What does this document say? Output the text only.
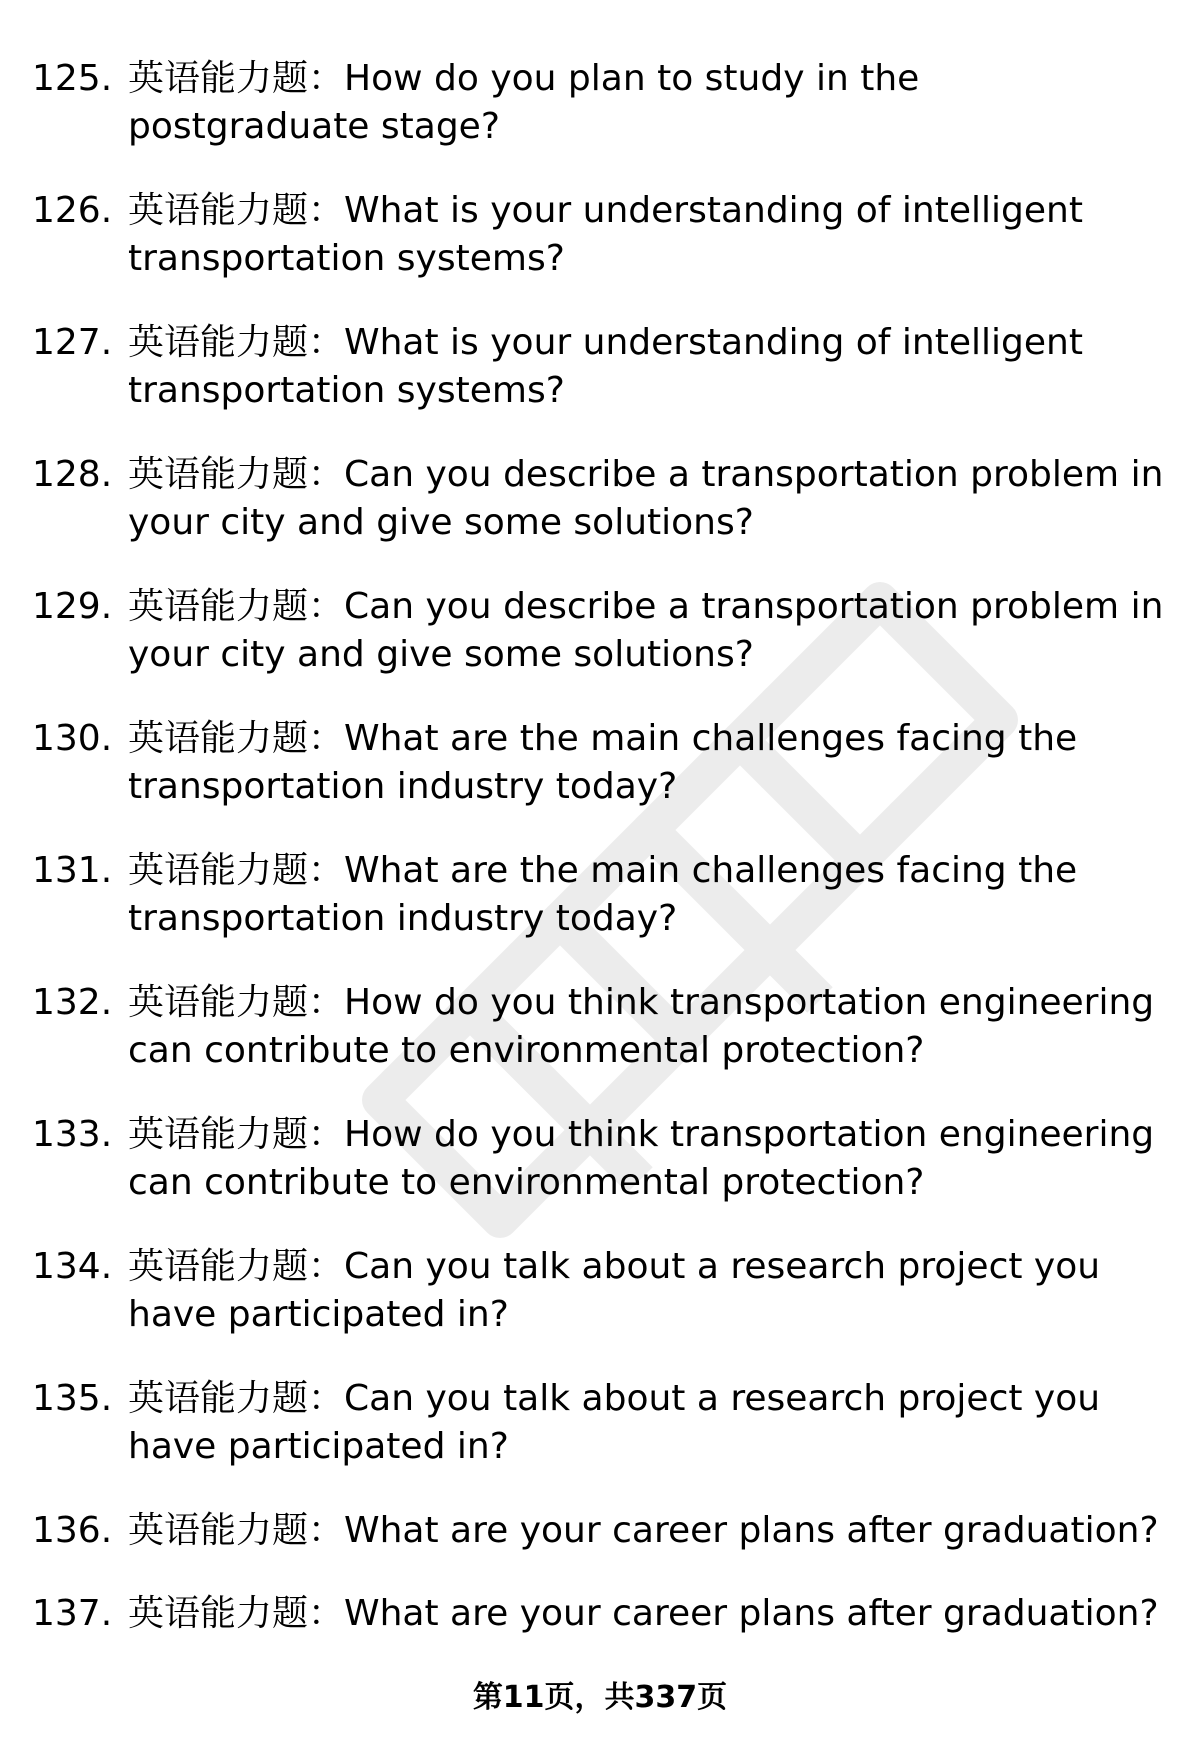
125. 英语能力题：How do you plan to study in the postgraduate stage?
126. 英语能力题：What is your understanding of intelligent transportation systems?
127. 英语能力题：What is your understanding of intelligent transportation systems?
128. 英语能力题：Can you describe a transportation problem in your city and give some solutions?
129. 英语能力题：Can you describe a transportation problem in your city and give some solutions?
130. 英语能力题：What are the main challenges facing the transportation industry today?
131. 英语能力题：What are the main challenges facing the transportation industry today?
132. 英语能力题：How do you think transportation engineering can contribute to environmental protection?
133. 英语能力题：How do you think transportation engineering can contribute to environmental protection?
134. 英语能力题：Can you talk about a research project you have participated in?
135. 英语能力题：Can you talk about a research project you have participated in?
136. 英语能力题：What are your career plans after graduation?
137. 英语能力题：What are your career plans after graduation?
第11页，共337页
